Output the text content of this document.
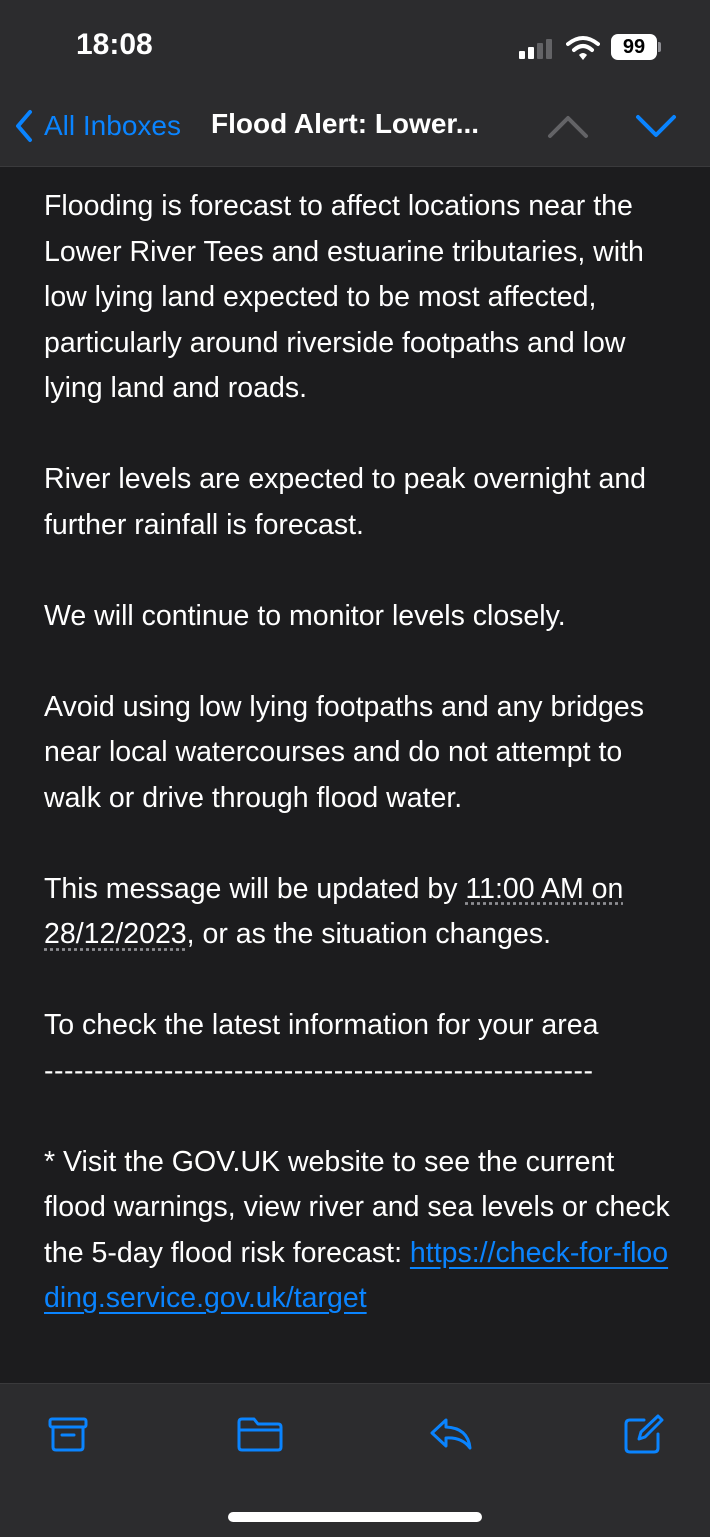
18:08	99
All Inboxes Flood Alert: Lower...

Flooding is forecast to affect locations near the Lower River Tees and estuarine tributaries, with low lying land expected to be most affected, particularly around riverside footpaths and low lying land and roads.

River levels are expected to peak overnight and further rainfall is forecast.

We will continue to monitor levels closely.

Avoid using low lying footpaths and any bridges near local watercourses and do not attempt to walk or drive through flood water.

This message will be updated by 11:00 AM on 28/12/2023, or as the situation changes.

To check the latest information for your area
-------------------------------------------------------

* Visit the GOV.UK website to see the current flood warnings, view river and sea levels or check the 5-day flood risk forecast: https://check-for-flooding.service.gov.uk/target
